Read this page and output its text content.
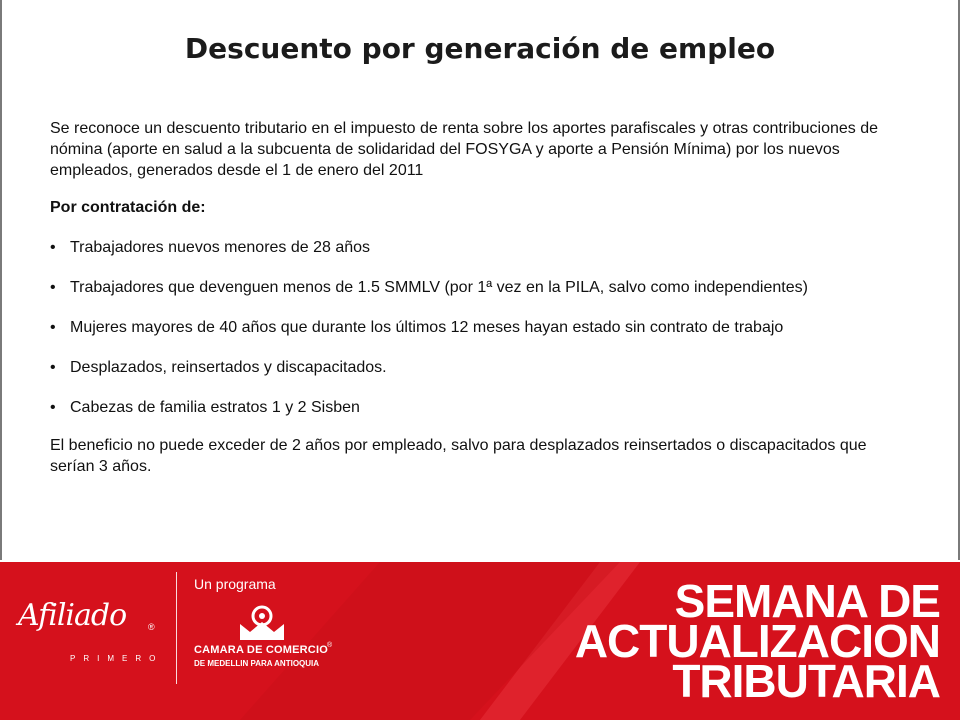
Descuento por generación de empleo

Se reconoce un descuento tributario en el impuesto de renta sobre los aportes parafiscales y otras contribuciones de nómina (aporte en salud a la subcuenta de solidaridad del FOSYGA y aporte a Pensión Mínima) por los nuevos empleados, generados desde el 1 de enero del 2011

Por contratación de:

• Trabajadores nuevos menores de 28 años
• Trabajadores que devenguen menos de 1.5 SMMLV (por 1ª vez en la PILA, salvo como independientes)
• Mujeres mayores de 40 años que durante los últimos 12 meses hayan estado sin contrato de trabajo
• Desplazados, reinsertados y discapacitados.
• Cabezas de familia estratos 1 y 2 Sisben

El beneficio no puede exceder de 2 años por empleado, salvo para desplazados reinsertados o discapacitados que serían 3 años.

Afiliado	®
PRIMERO
Un programa
CAMARA DE COMERCIO ®
DE MEDELLIN PARA ANTIOQUIA
SEMANA DE
ACTUALIZACION
TRIBUTARIA
